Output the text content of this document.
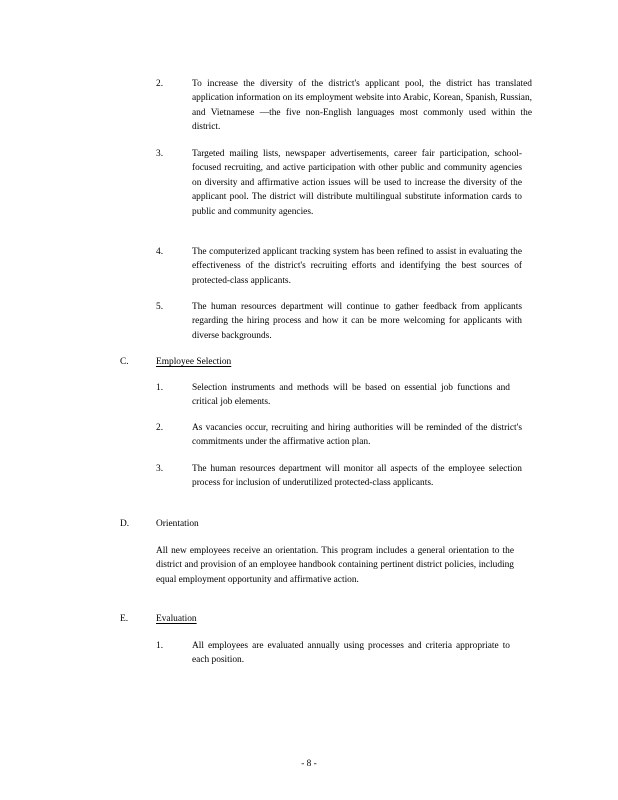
2.	To increase the diversity of the district's applicant pool, the district has translated application information on its employment website into Arabic, Korean, Spanish, Russian, and Vietnamese —the five non-English languages most commonly used within the district.
3.	Targeted mailing lists, newspaper advertisements, career fair participation, school-focused recruiting, and active participation with other public and community agencies on diversity and affirmative action issues will be used to increase the diversity of the applicant pool. The district will distribute multilingual substitute information cards to public and community agencies.
4.	The computerized applicant tracking system has been refined to assist in evaluating the effectiveness of the district's recruiting efforts and identifying the best sources of protected-class applicants.
5.	The human resources department will continue to gather feedback from applicants regarding the hiring process and how it can be more welcoming for applicants with diverse backgrounds.
C.	Employee Selection
1.	Selection instruments and methods will be based on essential job functions and critical job elements.
2.	As vacancies occur, recruiting and hiring authorities will be reminded of the district's commitments under the affirmative action plan.
3.	The human resources department will monitor all aspects of the employee selection process for inclusion of underutilized protected-class applicants.
D.	Orientation
All new employees receive an orientation. This program includes a general orientation to the district and provision of an employee handbook containing pertinent district policies, including equal employment opportunity and affirmative action.
E.	Evaluation
1.	All employees are evaluated annually using processes and criteria appropriate to each position.
- 8 -
